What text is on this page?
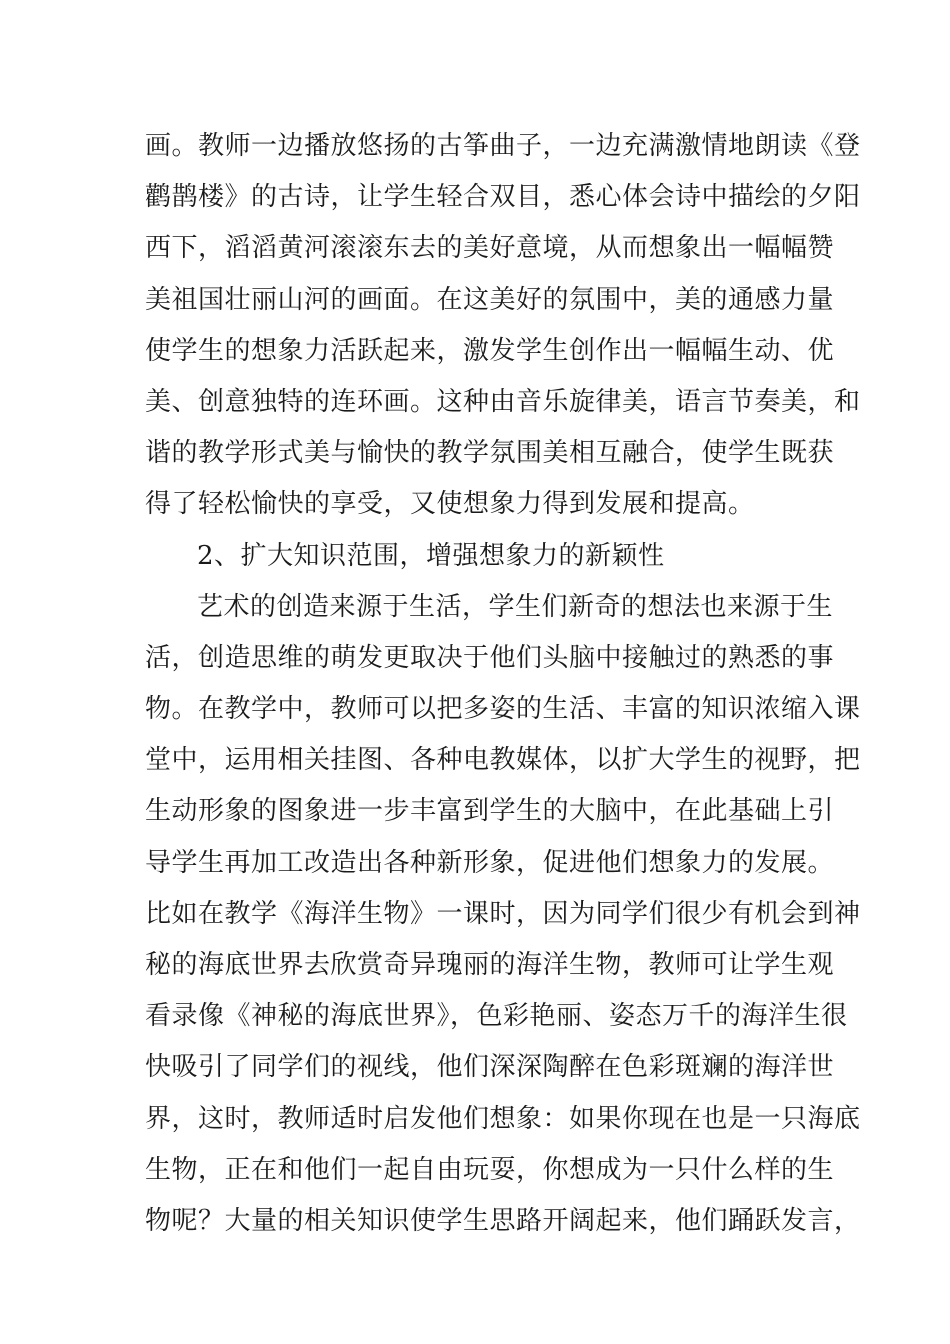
画。教师一边播放悠扬的古筝曲子，一边充满激情地朗读《登
鹳鹊楼》的古诗，让学生轻合双目，悉心体会诗中描绘的夕阳
西下，滔滔黄河滚滚东去的美好意境，从而想象出一幅幅赞
美祖国壮丽山河的画面。在这美好的氛围中，美的通感力量
使学生的想象力活跃起来，激发学生创作出一幅幅生动、优
美、创意独特的连环画。这种由音乐旋律美，语言节奏美，和
谐的教学形式美与愉快的教学氛围美相互融合，使学生既获
得了轻松愉快的享受，又使想象力得到发展和提高。
2、扩大知识范围，增强想象力的新颖性
艺术的创造来源于生活，学生们新奇的想法也来源于生
活，创造思维的萌发更取决于他们头脑中接触过的熟悉的事
物。在教学中，教师可以把多姿的生活、丰富的知识浓缩入课
堂中，运用相关挂图、各种电教媒体，以扩大学生的视野，把
生动形象的图象进一步丰富到学生的大脑中，在此基础上引
导学生再加工改造出各种新形象，促进他们想象力的发展。
比如在教学《海洋生物》一课时，因为同学们很少有机会到神
秘的海底世界去欣赏奇异瑰丽的海洋生物，教师可让学生观
看录像《神秘的海底世界》，色彩艳丽、姿态万千的海洋生很
快吸引了同学们的视线，他们深深陶醉在色彩斑斓的海洋世
界，这时，教师适时启发他们想象：如果你现在也是一只海底
生物，正在和他们一起自由玩耍，你想成为一只什么样的生
物呢？大量的相关知识使学生思路开阔起来，他们踊跃发言，
